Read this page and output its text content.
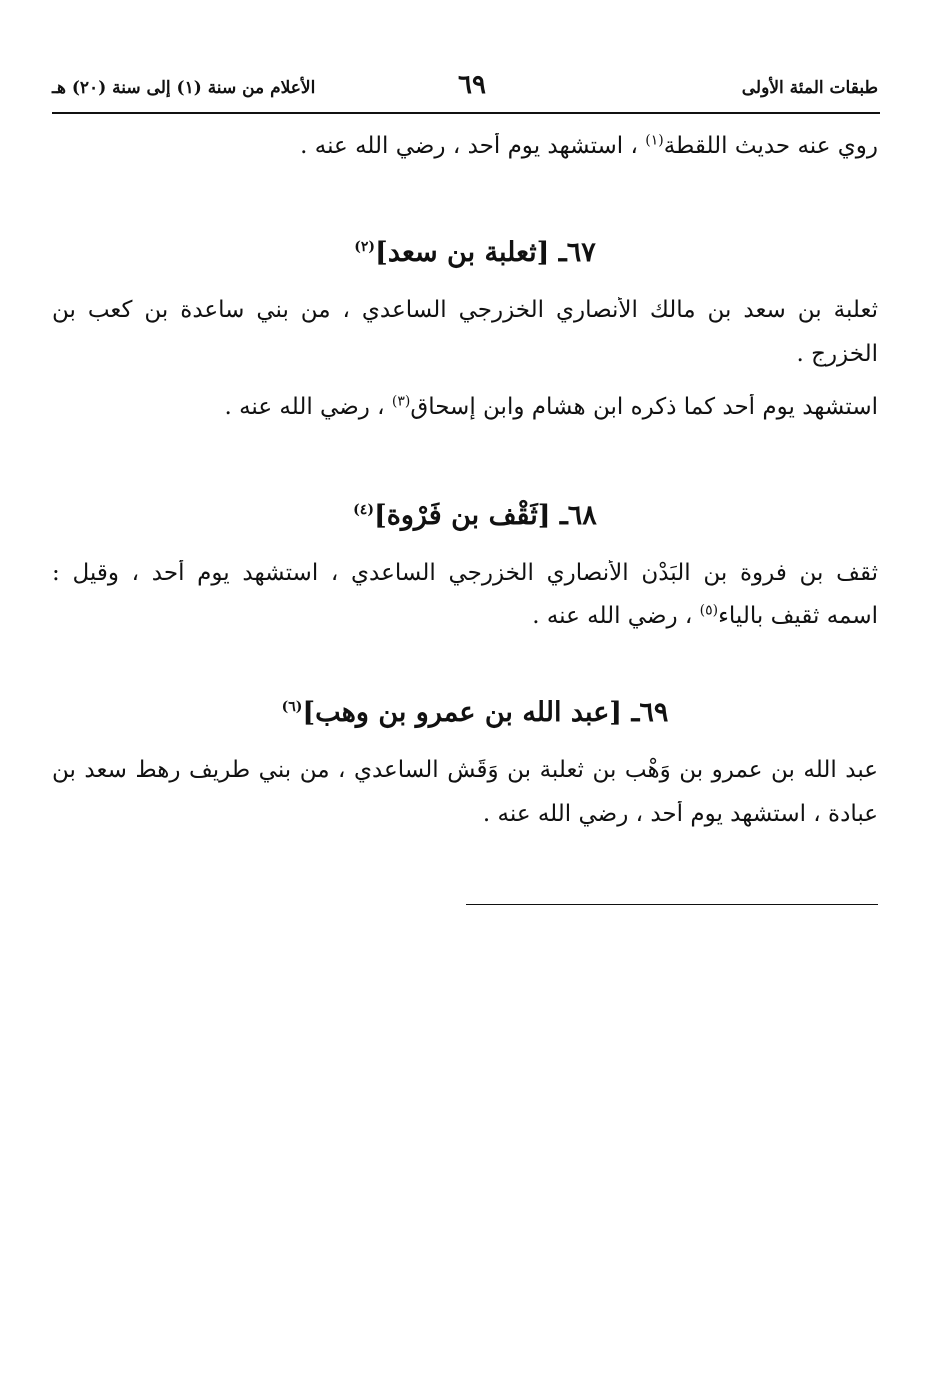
طبقات المئة الأولى
٦٩
الأعلام من سنة (١) إلى سنة (٢٠) هـ
روي عنه حديث اللقطة$^{(١)}$ ، استشهد يوم أحد ، رضي الله عنه .
٦٧ـ [ثعلبة بن سعد]$^{(٢)}$
ثعلبة بن سعد بن مالك الأنصاري الخزرجي الساعدي ، من بني ساعدة بن كعب بن
الخزرج .
استشهد يوم أحد كما ذكره ابن هشام وابن إسحاق$^{(٣)}$ ، رضي الله عنه .
٦٨ـ [ثَقْف بن فَرْوة]$^{(٤)}$
ثقف بن فروة بن البَدْن الأنصاري الخزرجي الساعدي ، استشهد يوم أحد ، وقيل :
اسمه ثقيف بالياء$^{(٥)}$ ، رضي الله عنه .
٦٩ـ [عبد الله بن عمرو بن وهب]$^{(٦)}$
عبد الله بن عمرو بن وَهْب بن ثعلبة بن وَقَش الساعدي ، من بني طريف رهط سعد بن
عبادة ، استشهد يوم أحد ، رضي الله عنه .
